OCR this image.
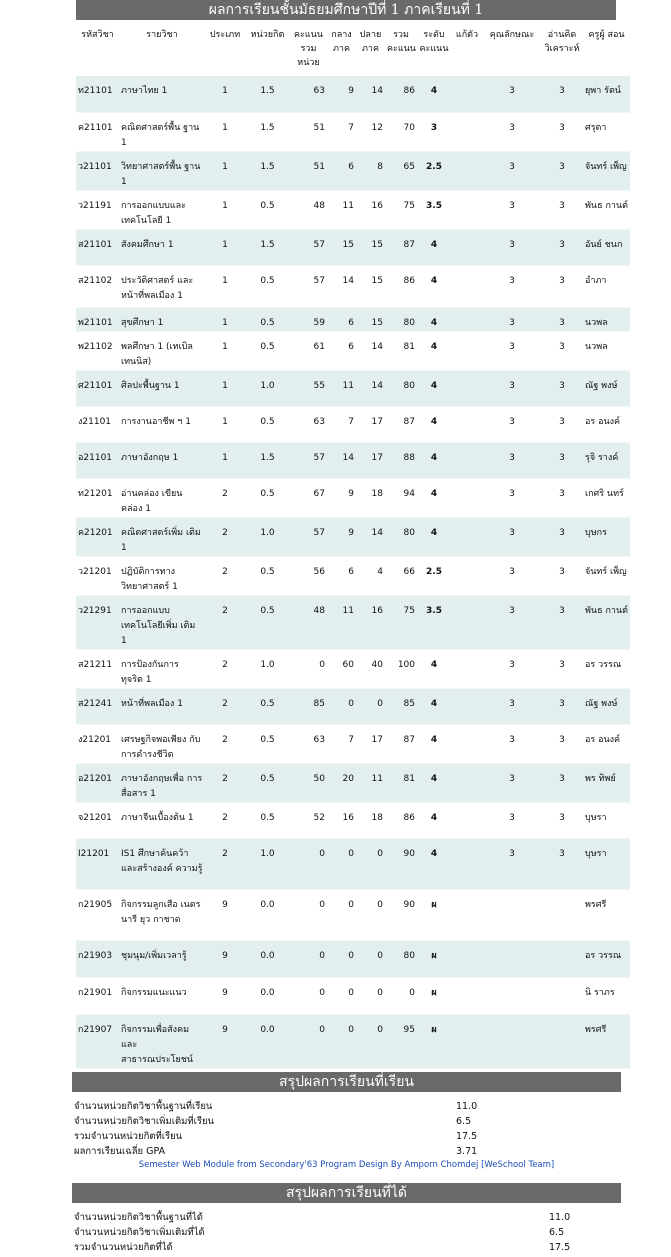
ผลการเรียนชั้นมัธยมศึกษาปีที่ 1 ภาคเรียนที่ 1
รหัสวิชา	รายวิชา	ประเภท	หน่วยกิต	คะแนน รวม หน่วย	กลาง ภาค	ปลาย ภาค	รวม คะแนน	ระดับ คะแนน	แก้ตัว	คุณลักษณะ	อ่านคิด วิเคราะห์	ครูผู้ สอน
ท21101	ภาษาไทย 1	1	1.5	63	9	14	86	4		3	3	ยุพา รัตน์
ค21101	คณิตศาสตร์พื้น ฐาน 1	1	1.5	51	7	12	70	3		3	3	ศรุตา
ว21101	วิทยาศาสตร์พื้น ฐาน 1	1	1.5	51	6	8	65	2.5		3	3	จันทร์ เพ็ญ
ว21191	การออกแบบและ เทคโนโลยี 1	1	0.5	48	11	16	75	3.5		3	3	พันธ กานต์
ส21101	สังคมศึกษา 1	1	1.5	57	15	15	87	4		3	3	อันย์ ชนก
ส21102	ประวัติศาสตร์ และหน้าที่พลเมือง 1	1	0.5	57	14	15	86	4		3	3	อำภา
พ21101	สุขศึกษา 1	1	0.5	59	6	15	80	4		3	3	นวพล
พ21102	พลศึกษา 1 (เทเบิลเทนนิส)	1	0.5	61	6	14	81	4		3	3	นวพล
ศ21101	ศิลปะพื้นฐาน 1	1	1.0	55	11	14	80	4		3	3	ณัฐ พงษ์
ง21101	การงานอาชีพ ฯ 1	1	0.5	63	7	17	87	4		3	3	อร อนงค์
อ21101	ภาษาอังกฤษ 1	1	1.5	57	14	17	88	4		3	3	รุจิ รางค์
ท21201	อ่านคล่อง เขียน คล่อง 1	2	0.5	67	9	18	94	4		3	3	เกศริ นทร์
ค21201	คณิตศาสตร์เพิ่ม เติม 1	2	1.0	57	9	14	80	4		3	3	บุษกร
ว21201	ปฏิบัติการทาง วิทยาศาสตร์ 1	2	0.5	56	6	4	66	2.5		3	3	จันทร์ เพ็ญ
ว21291	การออกแบบ เทคโนโลยีเพิ่ม เติม 1	2	0.5	48	11	16	75	3.5		3	3	พันธ กานต์
ส21211	การป้องกันการ ทุจริต 1	2	1.0	0	60	40	100	4		3	3	อร วรรณ
ส21241	หน้าที่พลเมือง 1	2	0.5	85	0	0	85	4		3	3	ณัฐ พงษ์
ง21201	เศรษฐกิจพอเพียง กับการดำรงชีวิต	2	0.5	63	7	17	87	4		3	3	อร อนงค์
อ21201	ภาษาอังกฤษเพื่อ การสื่อสาร 1	2	0.5	50	20	11	81	4		3	3	พร ทิพย์
จ21201	ภาษาจีนเบื้องต้น 1	2	0.5	52	16	18	86	4		3	3	บุษรา
I21201	IS1 ศึกษาค้นคว้า และสร้างองค์ ความรู้	2	1.0	0	0	0	90	4		3	3	บุษรา
ก21905	กิจกรรมลูกเสือ เนตรนารี ยุว กาชาด	9	0.0	0	0	0	90	ผ				พรศรี
ก21903	ชุมนุม/เพิ่มเวลารู้	9	0.0	0	0	0	80	ผ				อร วรรณ
ก21901	กิจกรรมแนะแนว	9	0.0	0	0	0	0	ผ				นิ ราภร
ก21907	กิจกรรมเพื่อสังคม และ สาธารณประโยชน์	9	0.0	0	0	0	95	ผ				พรศรี
สรุปผลการเรียนที่เรียน
จำนวนหน่วยกิตวิชาพื้นฐานที่เรียน	11.0
จำนวนหน่วยกิตวิชาเพิ่มเติมที่เรียน	6.5
รวมจำนวนหน่วยกิตที่เรียน	17.5
ผลการเรียนเฉลี่ย GPA	3.71
Semester Web Module from Secondary'63 Program Design By Amporn Chomdej [WeSchool Team]
สรุปผลการเรียนที่ได้
จำนวนหน่วยกิตวิชาพื้นฐานที่ได้	11.0
จำนวนหน่วยกิตวิชาเพิ่มเติมที่ได้	6.5
รวมจำนวนหน่วยกิตที่ได้	17.5
